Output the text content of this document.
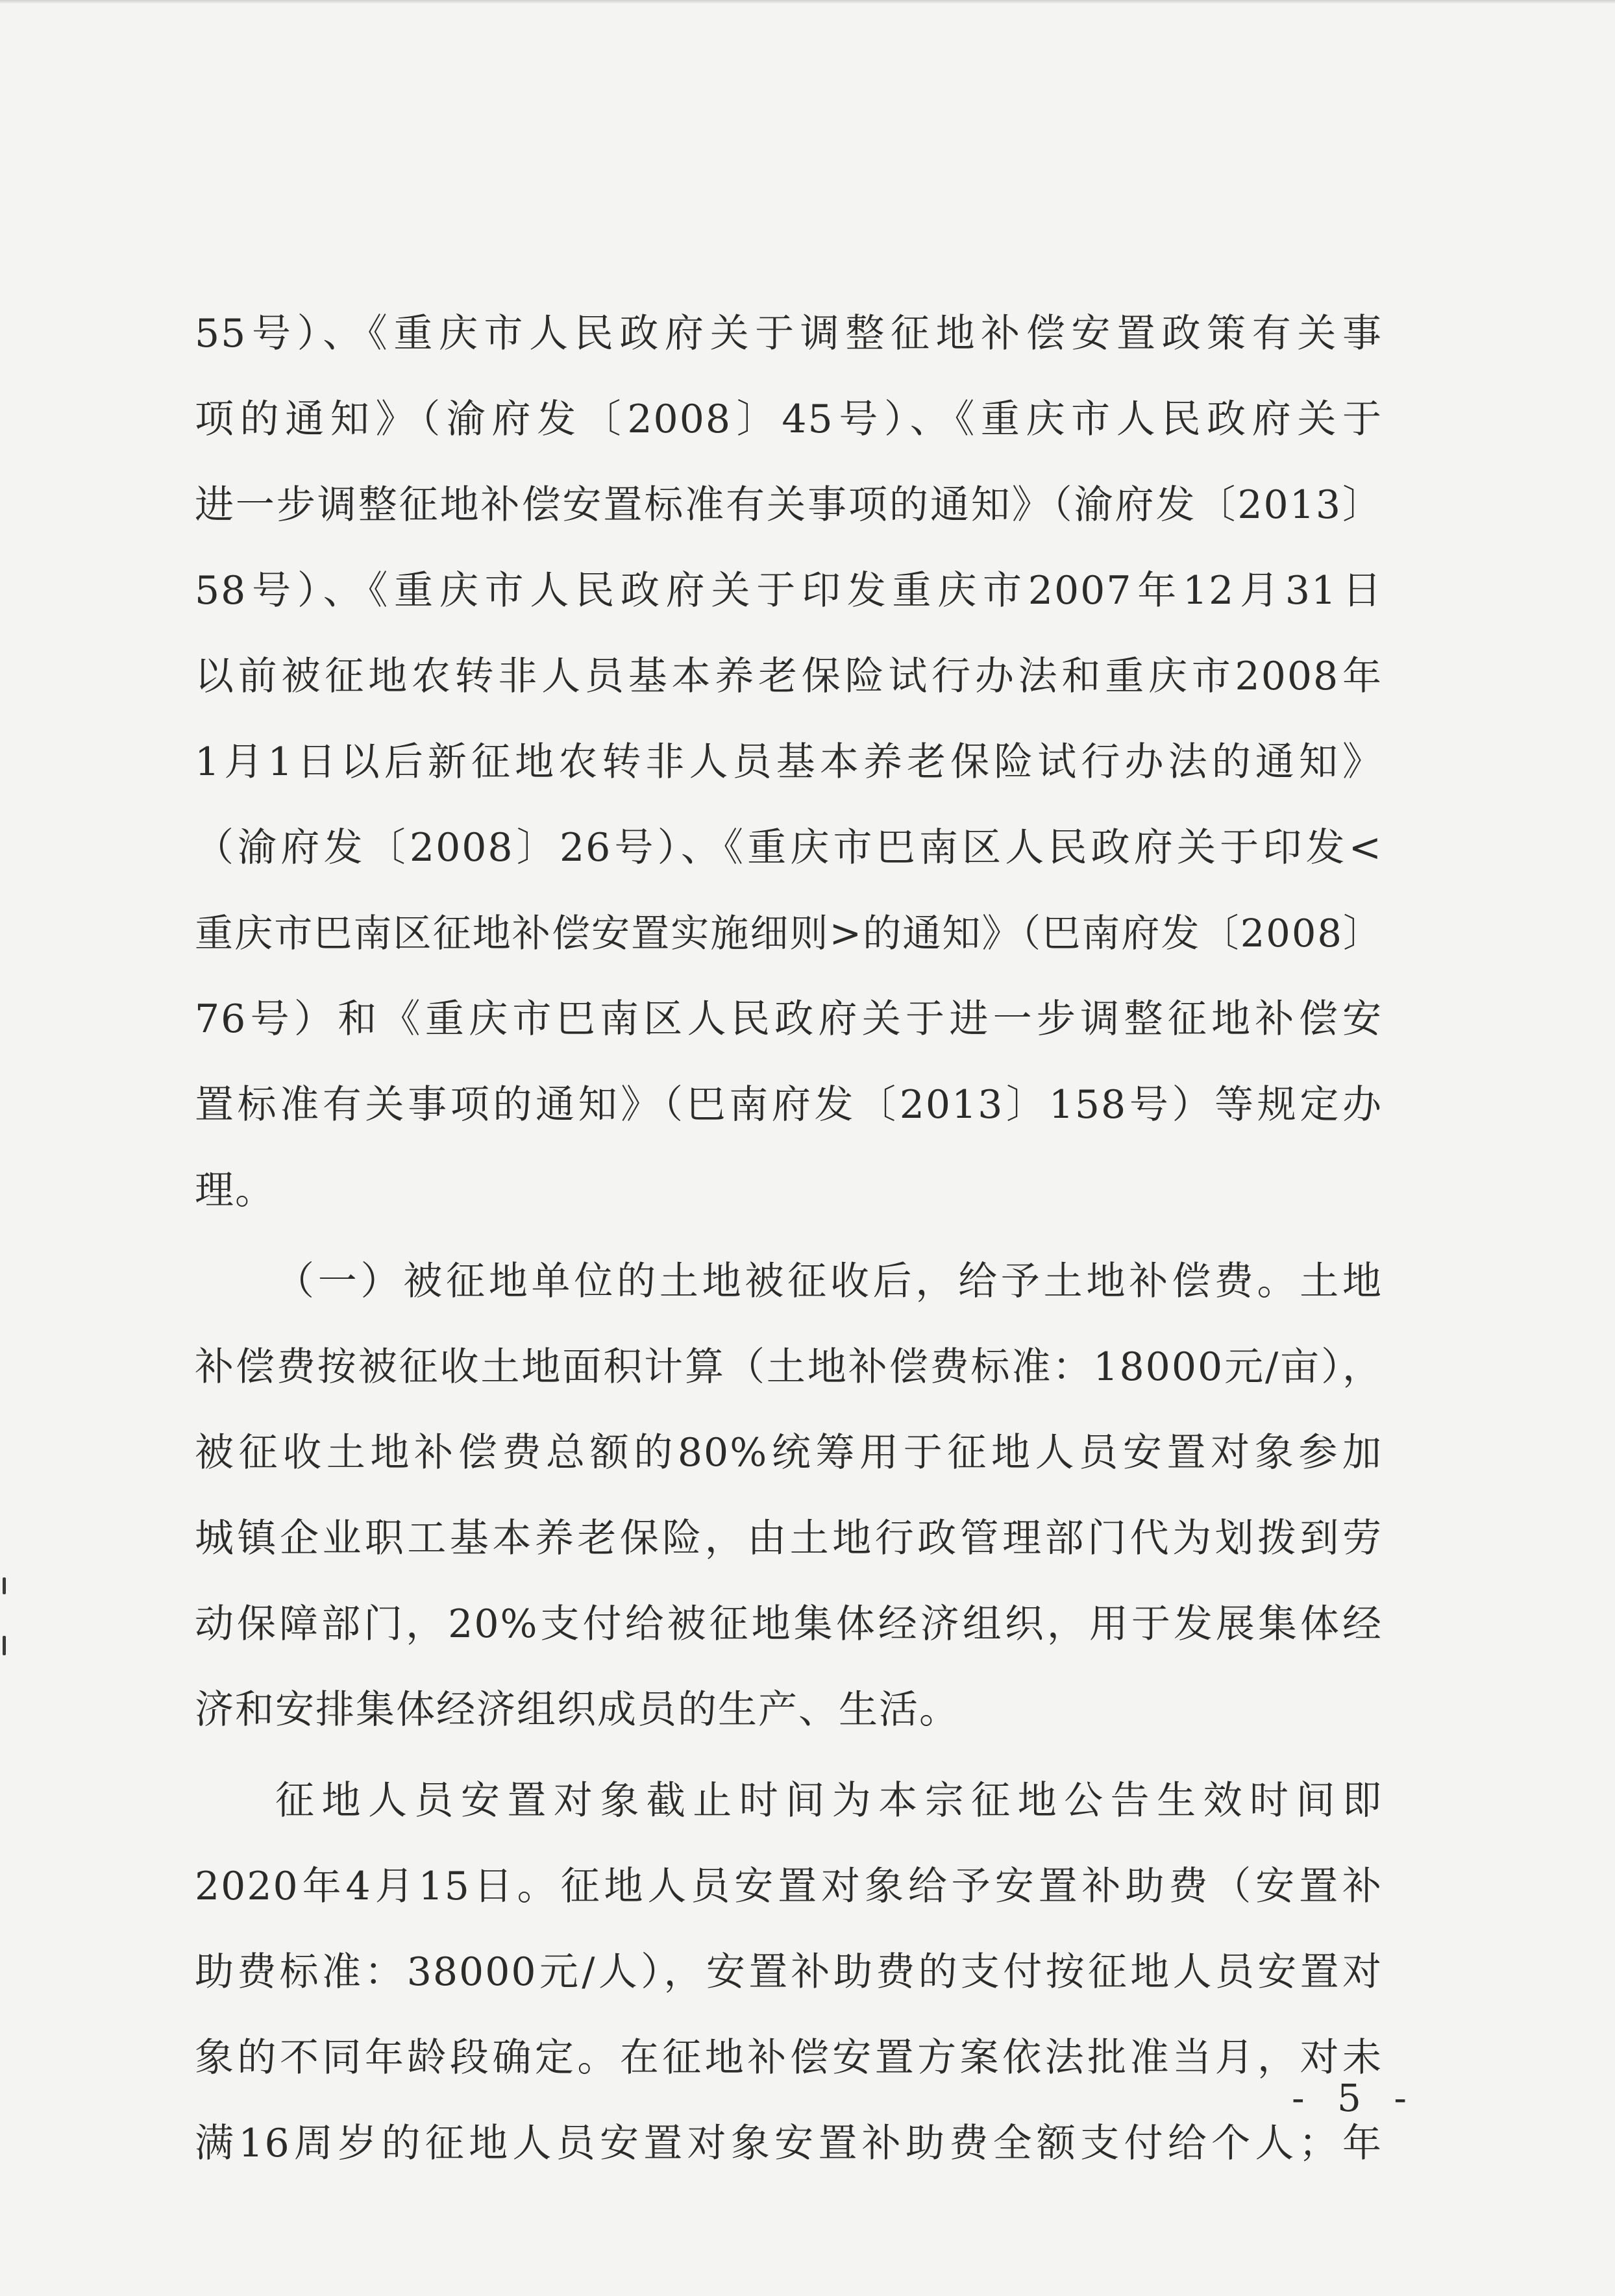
55号）、《重庆市人民政府关于调整征地补偿安置政策有关事
项的通知》（渝府发〔2008〕45号）、《重庆市人民政府关于
进一步调整征地补偿安置标准有关事项的通知》（渝府发〔2013〕
58号）、《重庆市人民政府关于印发重庆市2007年12月31日
以前被征地农转非人员基本养老保险试行办法和重庆市2008年
1月1日以后新征地农转非人员基本养老保险试行办法的通知》
（渝府发〔2008〕26号）、《重庆市巴南区人民政府关于印发<
重庆市巴南区征地补偿安置实施细则>的通知》（巴南府发〔2008〕
76号）和《重庆市巴南区人民政府关于进一步调整征地补偿安
置标准有关事项的通知》（巴南府发〔2013〕158号）等规定办
理。
（一）被征地单位的土地被征收后，给予土地补偿费。土地
补偿费按被征收土地面积计算（土地补偿费标准：18000元/亩），
被征收土地补偿费总额的80%统筹用于征地人员安置对象参加
城镇企业职工基本养老保险，由土地行政管理部门代为划拨到劳
动保障部门，20%支付给被征地集体经济组织，用于发展集体经
济和安排集体经济组织成员的生产、生活。
征地人员安置对象截止时间为本宗征地公告生效时间即
2020年4月15日。征地人员安置对象给予安置补助费（安置补
助费标准：38000元/人），安置补助费的支付按征地人员安置对
象的不同年龄段确定。在征地补偿安置方案依法批准当月，对未
满16周岁的征地人员安置对象安置补助费全额支付给个人；年
- 5 -
